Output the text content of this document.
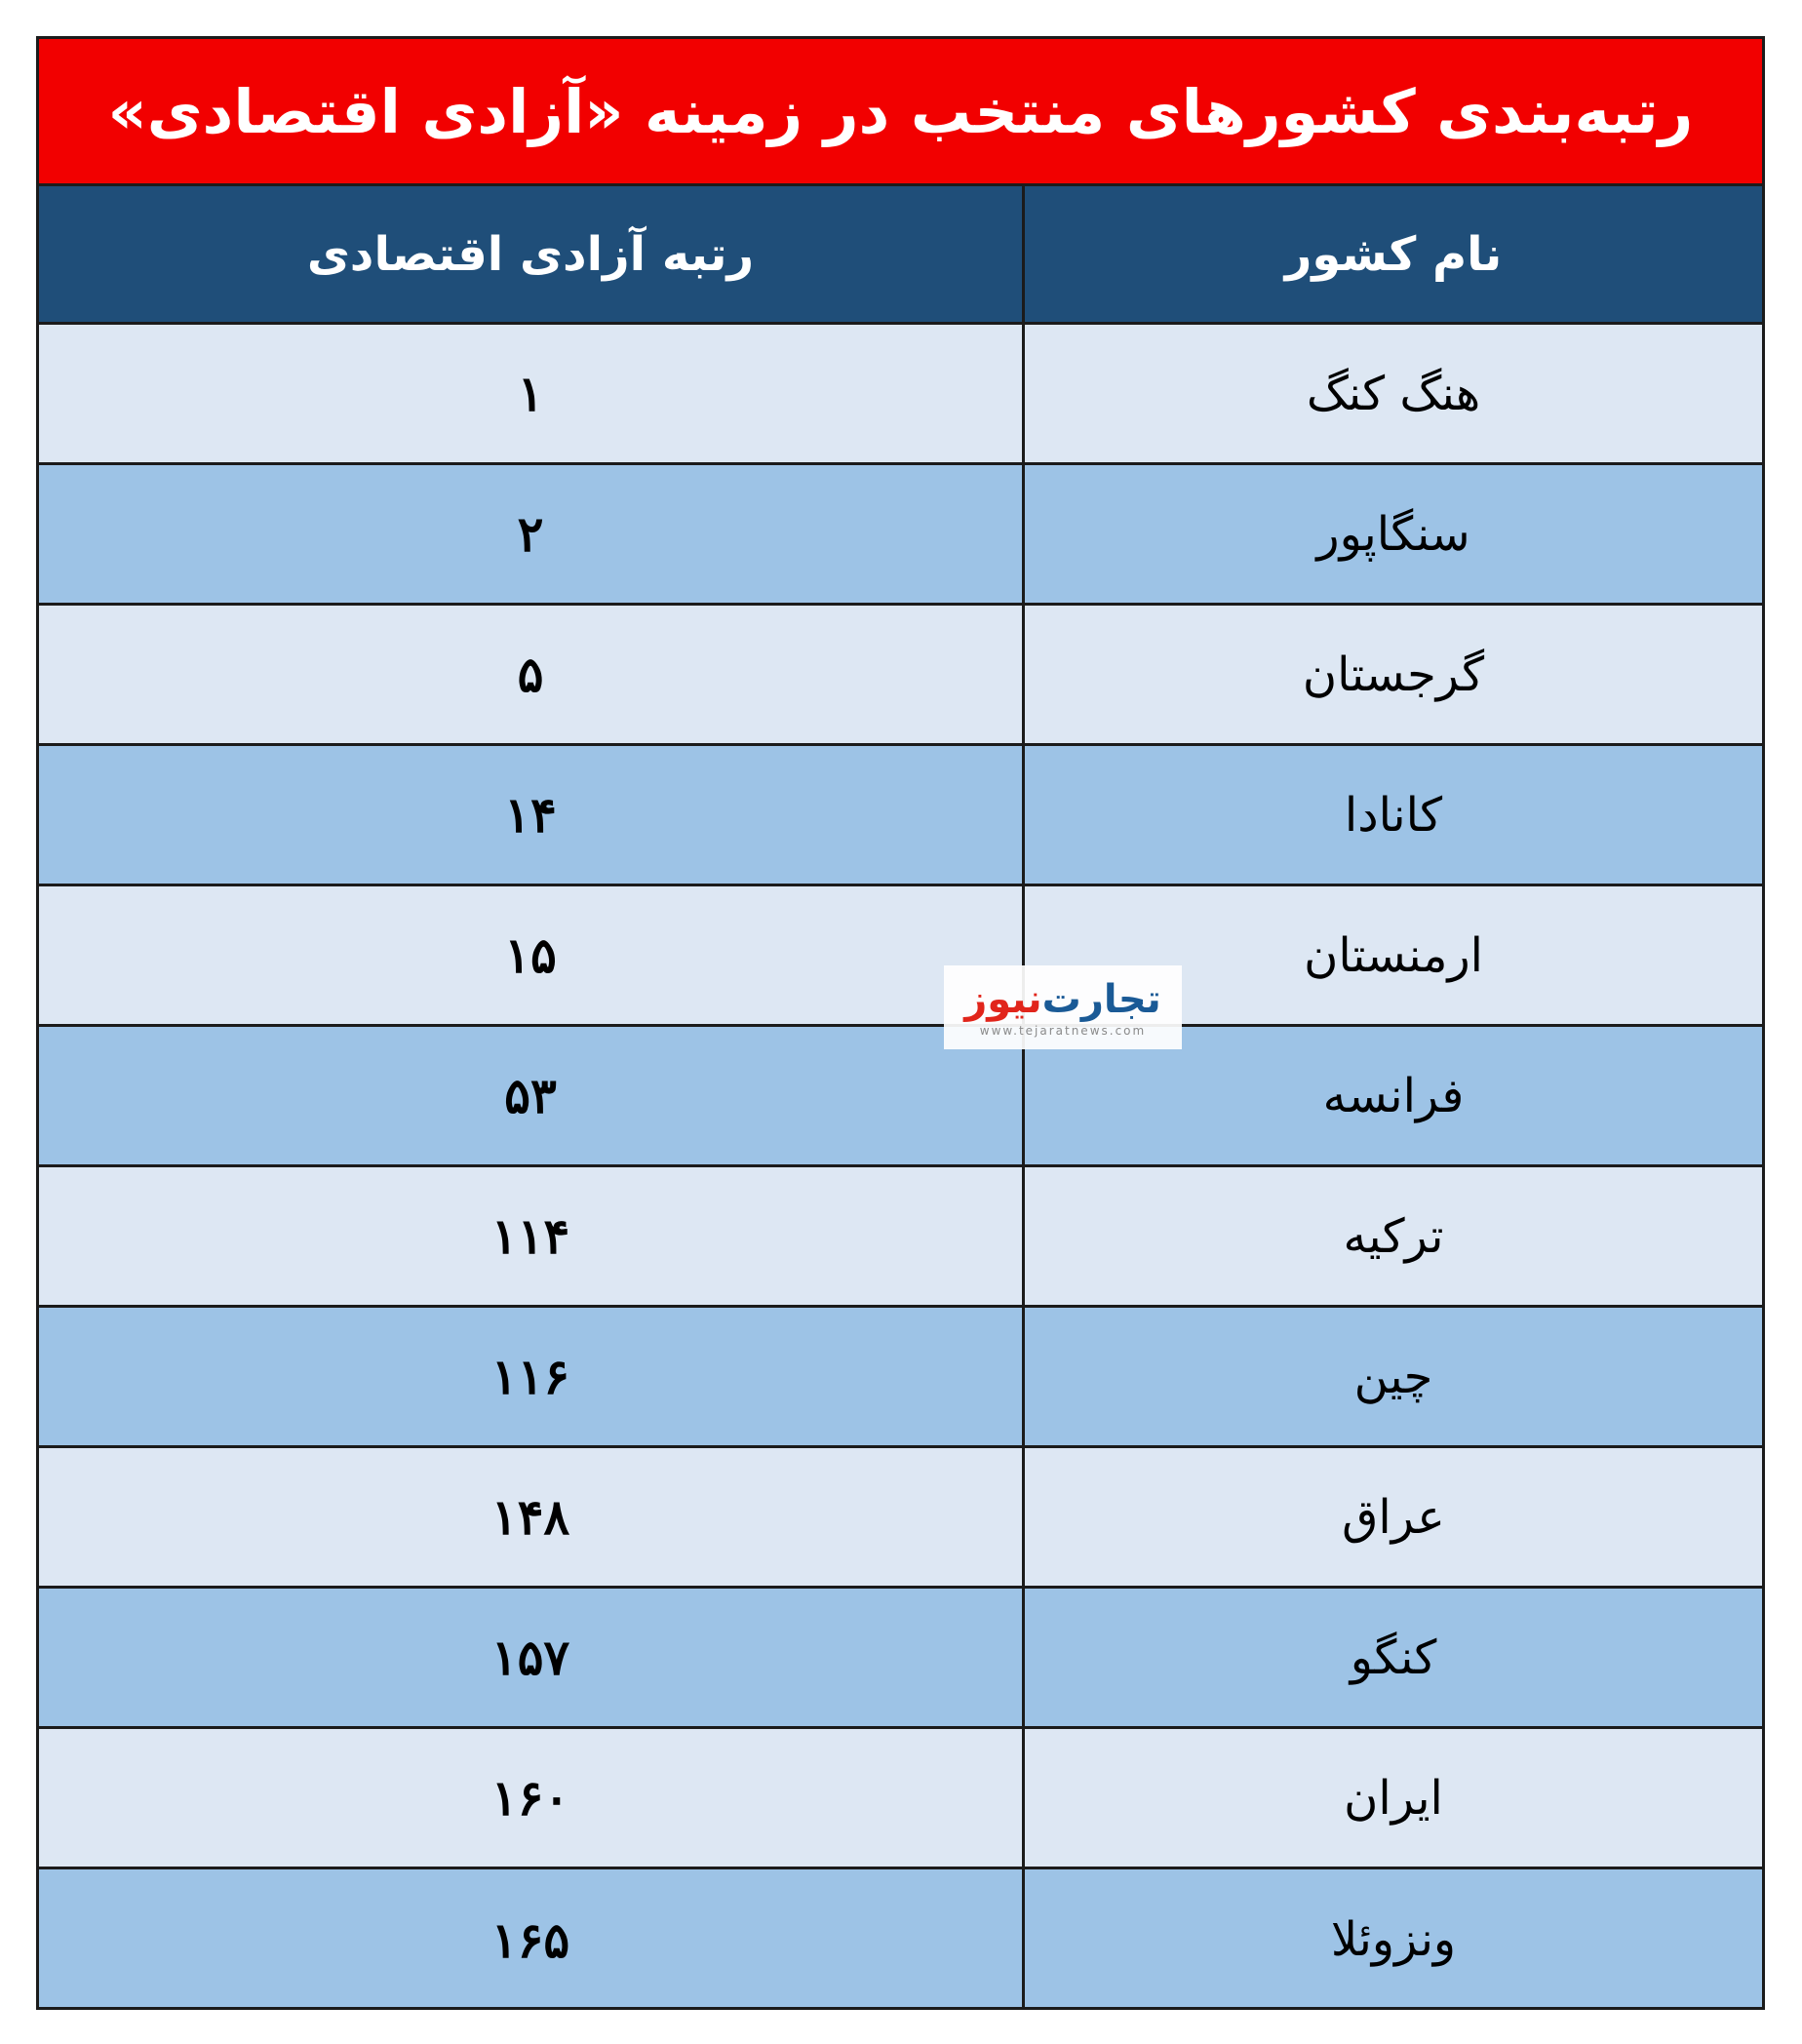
رتبه‌بندی کشورهای منتخب در زمینه «آزادی اقتصادی»
نام کشور
رتبه آزادی اقتصادی
هنگ کنگ
۱
سنگاپور
۲
گرجستان
۵
کانادا
۱۴
ارمنستان
۱۵
فرانسه
۵۳
ترکیه
۱۱۴
چین
۱۱۶
عراق
۱۴۸
کنگو
۱۵۷
ایران
۱۶۰
ونزوئلا
۱۶۵
نیوز تجارت
www.tejaratnews.com
